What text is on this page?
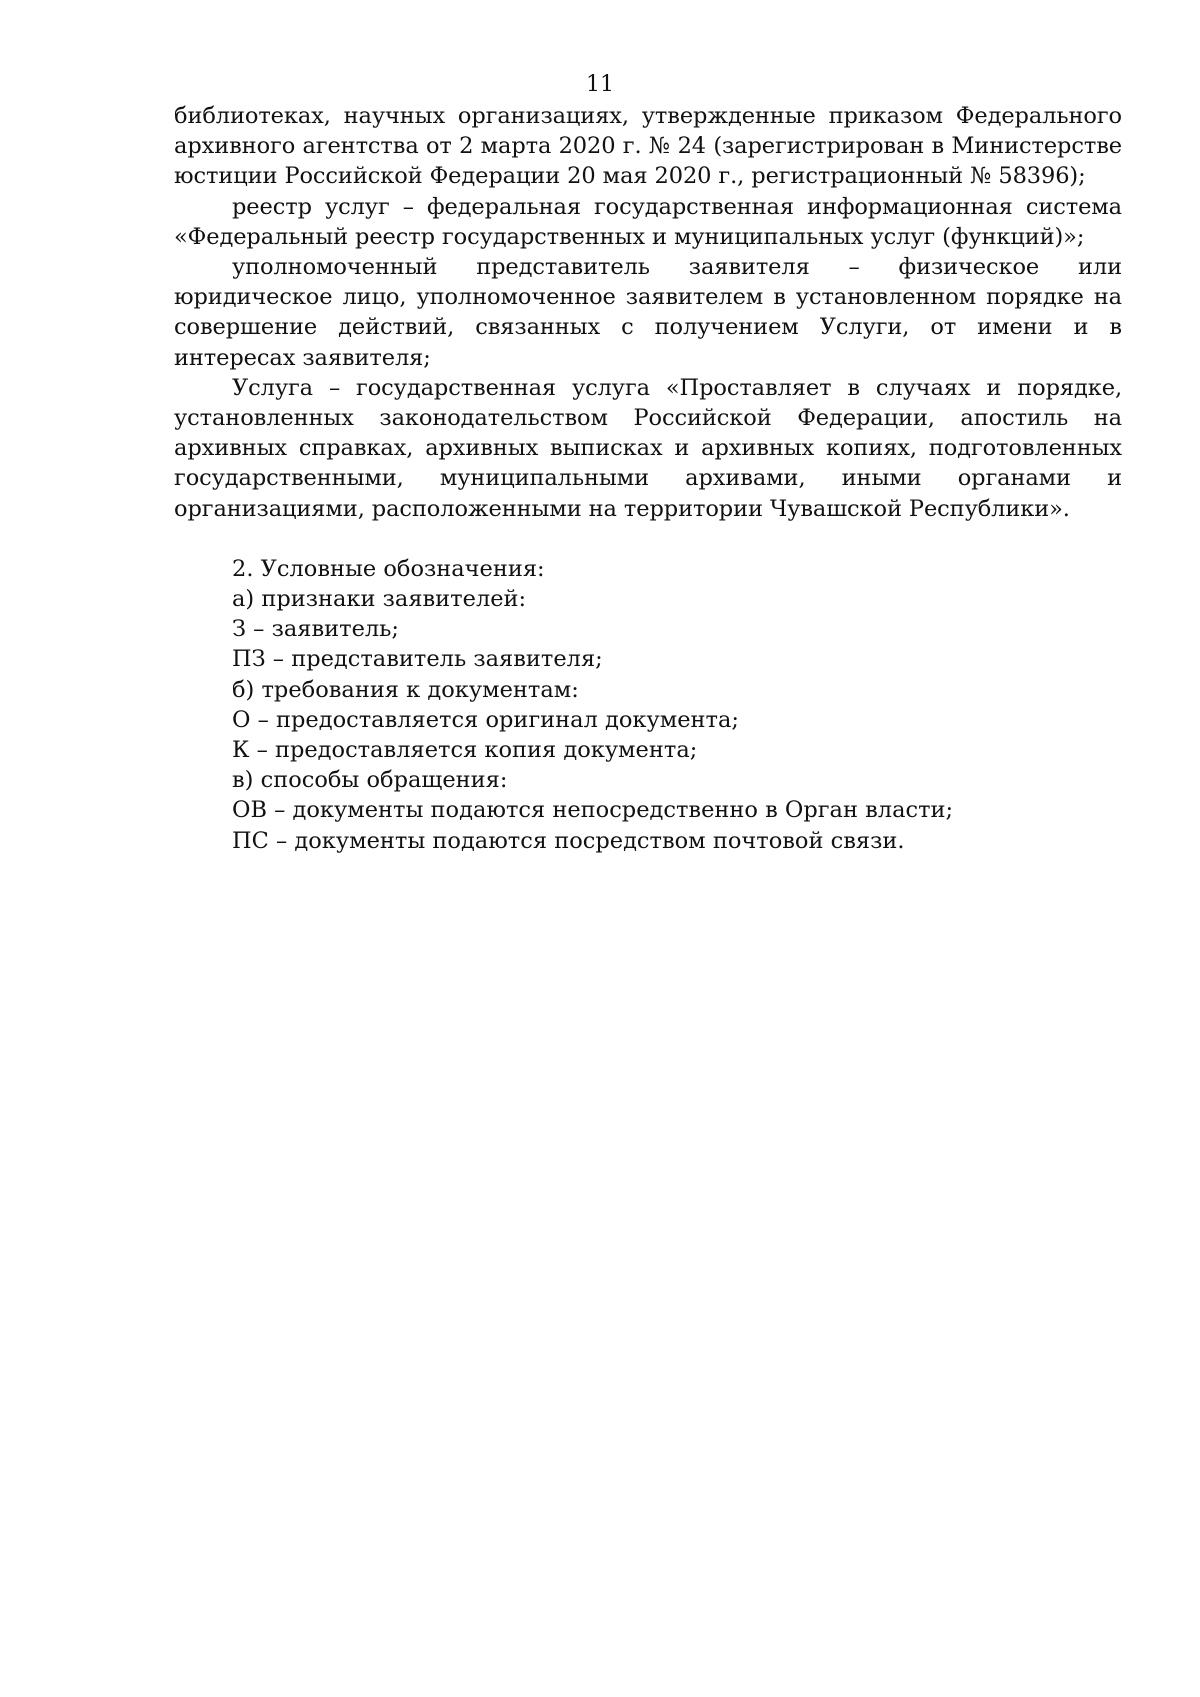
11

библиотеках, научных организациях, утвержденные приказом Федерального архивного агентства от 2 марта 2020 г. № 24 (зарегистрирован в Министерстве юстиции Российской Федерации 20 мая 2020 г., регистрационный № 58396);

реестр услуг – федеральная государственная информационная система «Федеральный реестр государственных и муниципальных услуг (функций)»;

уполномоченный представитель заявителя – физическое или юридическое лицо, уполномоченное заявителем в установленном порядке на совершение действий, связанных с получением Услуги, от имени и в интересах заявителя;

Услуга – государственная услуга «Проставляет в случаях и порядке, установленных законодательством Российской Федерации, апостиль на архивных справках, архивных выписках и архивных копиях, подготовленных государственными, муниципальными архивами, иными органами и организациями, расположенными на территории Чувашской Республики».

2. Условные обозначения:

а) признаки заявителей:

З – заявитель;

ПЗ – представитель заявителя;

б) требования к документам:

О – предоставляется оригинал документа;

К – предоставляется копия документа;

в) способы обращения:

ОВ – документы подаются непосредственно в Орган власти;

ПС – документы подаются посредством почтовой связи.
